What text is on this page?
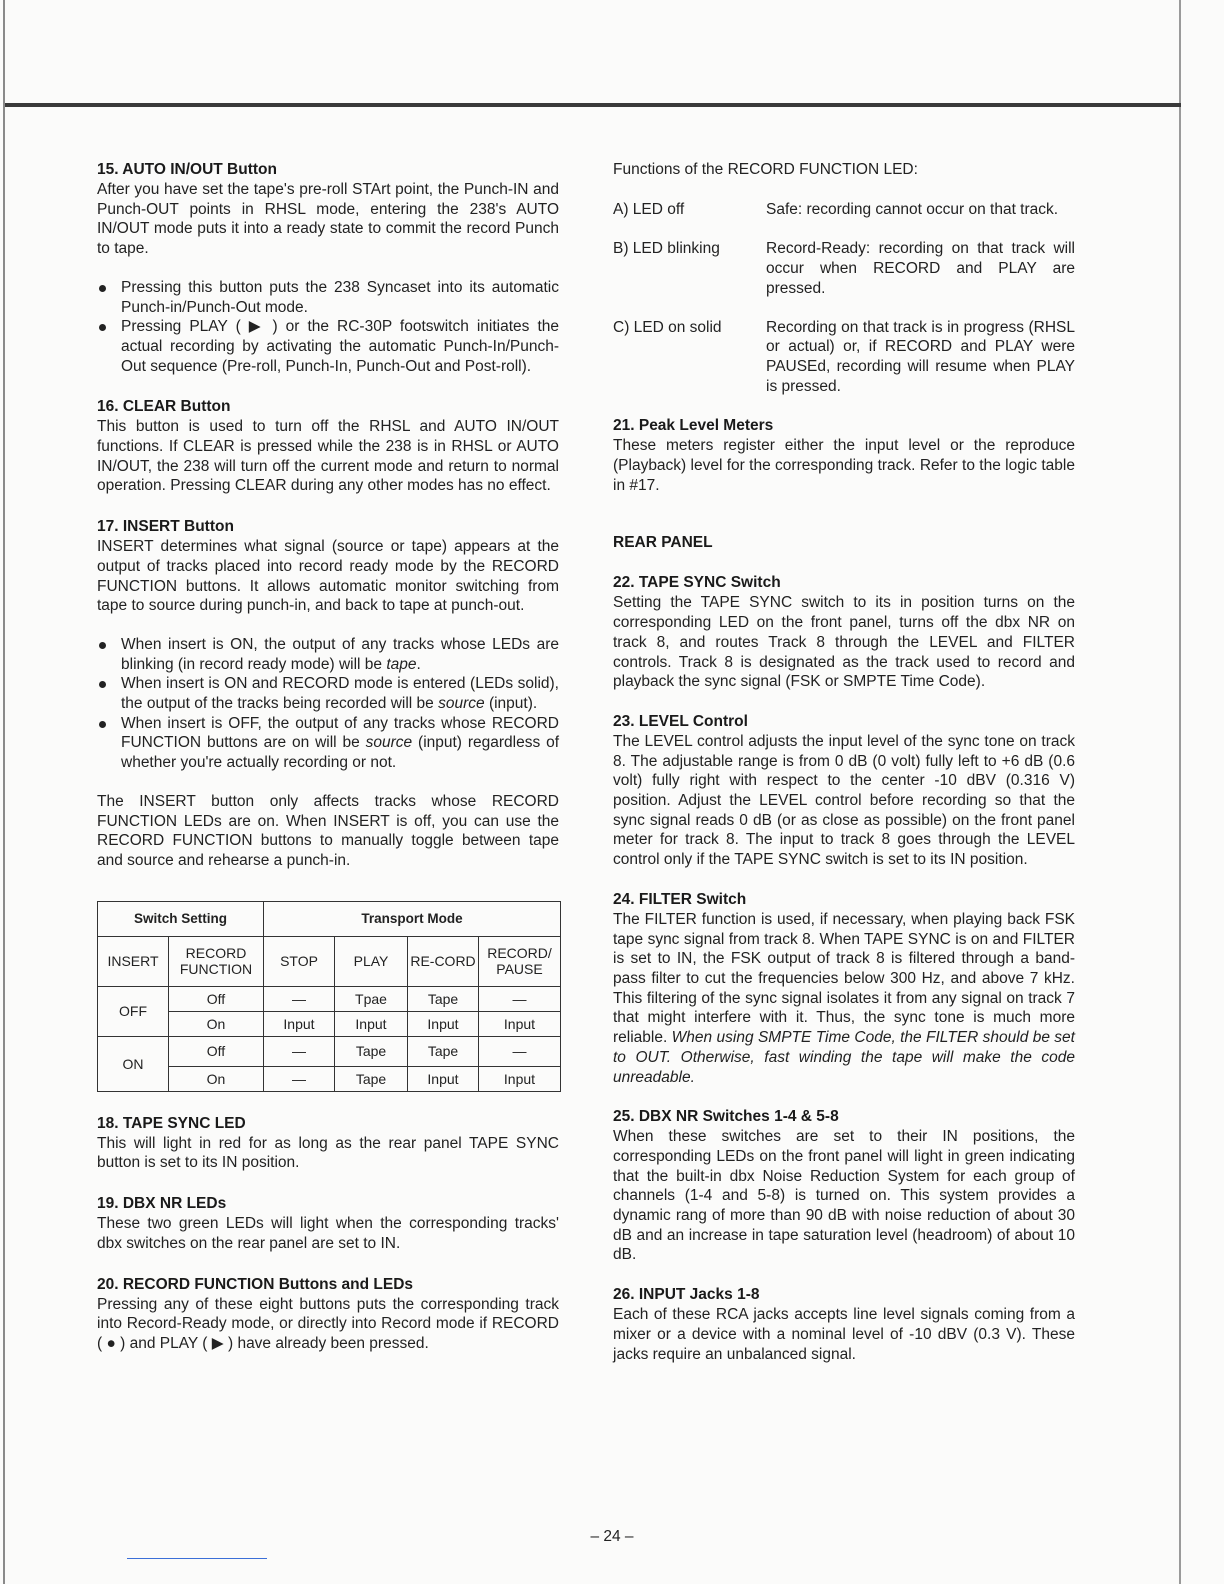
15. AUTO IN/OUT Button

After you have set the tape's pre-roll STArt point, the Punch-IN and Punch-OUT points in RHSL mode, entering the 238's AUTO IN/OUT mode puts it into a ready state to commit the record Punch to tape.

Pressing this button puts the 238 Syncaset into its automatic Punch-in/Punch-Out mode.
Pressing PLAY ( ▶ ) or the RC-30P footswitch initiates the actual recording by activating the automatic Punch-In/Punch-Out sequence (Pre-roll, Punch-In, Punch-Out and Post-roll).
16. CLEAR Button

This button is used to turn off the RHSL and AUTO IN/OUT functions. If CLEAR is pressed while the 238 is in RHSL or AUTO IN/OUT, the 238 will turn off the current mode and return to normal operation. Pressing CLEAR during any other modes has no effect.

17. INSERT Button

INSERT determines what signal (source or tape) appears at the output of tracks placed into record ready mode by the RECORD FUNCTION buttons. It allows automatic monitor switching from tape to source during punch-in, and back to tape at punch-out.

When insert is ON, the output of any tracks whose LEDs are blinking (in record ready mode) will be tape.
When insert is ON and RECORD mode is entered (LEDs solid), the output of the tracks being recorded will be source (input).
When insert is OFF, the output of any tracks whose RECORD FUNCTION buttons are on will be source (input) regardless of whether you're actually recording or not.

The INSERT button only affects tracks whose RECORD FUNCTION LEDs are on. When INSERT is off, you can use the RECORD FUNCTION buttons to manually toggle between tape and source and rehearse a punch-in.

Switch Setting		Transport Mode			
INSERT	RECORD FUNCTION	STOP	PLAY	RE-CORD	RECORD/ PAUSE
OFF	Off	—	Tpae	Tape	—
	On	Input	Input	Input	Input
ON	Off	—	Tape	Tape	—
	On	—	Tape	Input	Input
18. TAPE SYNC LED

This will light in red for as long as the rear panel TAPE SYNC button is set to its IN position.

19. DBX NR LEDs

These two green LEDs will light when the corresponding tracks' dbx switches on the rear panel are set to IN.

20. RECORD FUNCTION Buttons and LEDs

Pressing any of these eight buttons puts the corresponding track into Record-Ready mode, or directly into Record mode if RECORD ( ● ) and PLAY ( ▶ ) have already been pressed.

Functions of the RECORD FUNCTION LED:

A) LED off	Safe: recording cannot occur on that track.
B) LED blinking	Record-Ready: recording on that track will occur when RECORD and PLAY are pressed.
C) LED on solid	Recording on that track is in progress (RHSL or actual) or, if RECORD and PLAY were PAUSEd, recording will resume when PLAY is pressed.
21. Peak Level Meters

These meters register either the input level or the reproduce (Playback) level for the corresponding track. Refer to the logic table in #17.

REAR PANEL
22. TAPE SYNC Switch

Setting the TAPE SYNC switch to its in position turns on the corresponding LED on the front panel, turns off the dbx NR on track 8, and routes Track 8 through the LEVEL and FILTER controls. Track 8 is designated as the track used to record and playback the sync signal (FSK or SMPTE Time Code).

23. LEVEL Control

The LEVEL control adjusts the input level of the sync tone on track 8. The adjustable range is from 0 dB (0 volt) fully left to +6 dB (0.6 volt) fully right with respect to the center -10 dBV (0.316 V) position. Adjust the LEVEL control before recording so that the sync signal reads 0 dB (or as close as possible) on the front panel meter for track 8. The input to track 8 goes through the LEVEL control only if the TAPE SYNC switch is set to its IN position.

24. FILTER Switch

The FILTER function is used, if necessary, when playing back FSK tape sync signal from track 8. When TAPE SYNC is on and FILTER is set to IN, the FSK output of track 8 is filtered through a band-pass filter to cut the frequencies below 300 Hz, and above 7 kHz. This filtering of the sync signal isolates it from any signal on track 7 that might interfere with it. Thus, the sync tone is much more reliable. When using SMPTE Time Code, the FILTER should be set to OUT. Otherwise, fast winding the tape will make the code unreadable.

25. DBX NR Switches 1-4 & 5-8

When these switches are set to their IN positions, the corresponding LEDs on the front panel will light in green indicating that the built-in dbx Noise Reduction System for each group of channels (1-4 and 5-8) is turned on. This system provides a dynamic rang of more than 90 dB with noise reduction of about 30 dB and an increase in tape saturation level (headroom) of about 10 dB.

26. INPUT Jacks 1-8

Each of these RCA jacks accepts line level signals coming from a mixer or a device with a nominal level of -10 dBV (0.3 V). These jacks require an unbalanced signal.

– 24 –
